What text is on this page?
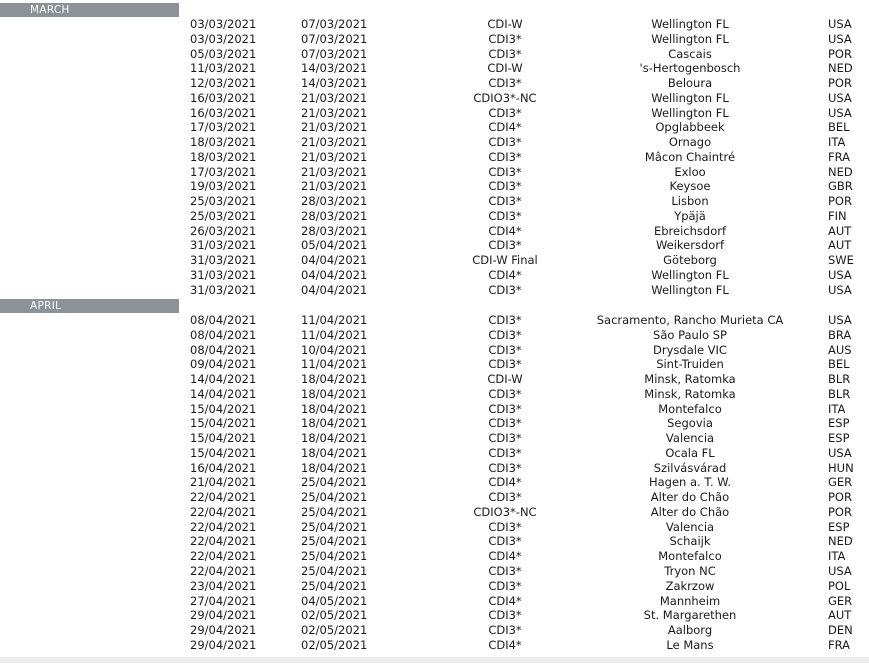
MARCH
03/03/2021	07/03/2021	CDI-W	Wellington FL	USA
03/03/2021	07/03/2021	CDI3*	Wellington FL	USA
05/03/2021	07/03/2021	CDI3*	Cascais	POR
11/03/2021	14/03/2021	CDI-W	's-Hertogenbosch	NED
12/03/2021	14/03/2021	CDI3*	Beloura	POR
16/03/2021	21/03/2021	CDIO3*-NC	Wellington FL	USA
16/03/2021	21/03/2021	CDI3*	Wellington FL	USA
17/03/2021	21/03/2021	CDI4*	Opglabbeek	BEL
18/03/2021	21/03/2021	CDI3*	Ornago	ITA
18/03/2021	21/03/2021	CDI3*	Mâcon Chaintré	FRA
17/03/2021	21/03/2021	CDI3*	Exloo	NED
19/03/2021	21/03/2021	CDI3*	Keysoe	GBR
25/03/2021	28/03/2021	CDI3*	Lisbon	POR
25/03/2021	28/03/2021	CDI3*	Ypäjä	FIN
26/03/2021	28/03/2021	CDI4*	Ebreichsdorf	AUT
31/03/2021	05/04/2021	CDI3*	Weikersdorf	AUT
31/03/2021	04/04/2021	CDI-W Final	Göteborg	SWE
31/03/2021	04/04/2021	CDI4*	Wellington FL	USA
31/03/2021	04/04/2021	CDI3*	Wellington FL	USA
APRIL
08/04/2021	11/04/2021	CDI3*	Sacramento, Rancho Murieta CA	USA
08/04/2021	11/04/2021	CDI3*	São Paulo SP	BRA
08/04/2021	10/04/2021	CDI3*	Drysdale VIC	AUS
09/04/2021	11/04/2021	CDI3*	Sint-Truiden	BEL
14/04/2021	18/04/2021	CDI-W	Minsk, Ratomka	BLR
14/04/2021	18/04/2021	CDI3*	Minsk, Ratomka	BLR
15/04/2021	18/04/2021	CDI3*	Montefalco	ITA
15/04/2021	18/04/2021	CDI3*	Segovia	ESP
15/04/2021	18/04/2021	CDI3*	Valencia	ESP
15/04/2021	18/04/2021	CDI3*	Ocala FL	USA
16/04/2021	18/04/2021	CDI3*	Szilvásvárad	HUN
21/04/2021	25/04/2021	CDI4*	Hagen a. T. W.	GER
22/04/2021	25/04/2021	CDI3*	Alter do Chão	POR
22/04/2021	25/04/2021	CDIO3*-NC	Alter do Chão	POR
22/04/2021	25/04/2021	CDI3*	Valencia	ESP
22/04/2021	25/04/2021	CDI3*	Schaijk	NED
22/04/2021	25/04/2021	CDI4*	Montefalco	ITA
22/04/2021	25/04/2021	CDI3*	Tryon NC	USA
23/04/2021	25/04/2021	CDI3*	Zakrzow	POL
27/04/2021	04/05/2021	CDI4*	Mannheim	GER
29/04/2021	02/05/2021	CDI3*	St. Margarethen	AUT
29/04/2021	02/05/2021	CDI3*	Aalborg	DEN
29/04/2021	02/05/2021	CDI4*	Le Mans	FRA
